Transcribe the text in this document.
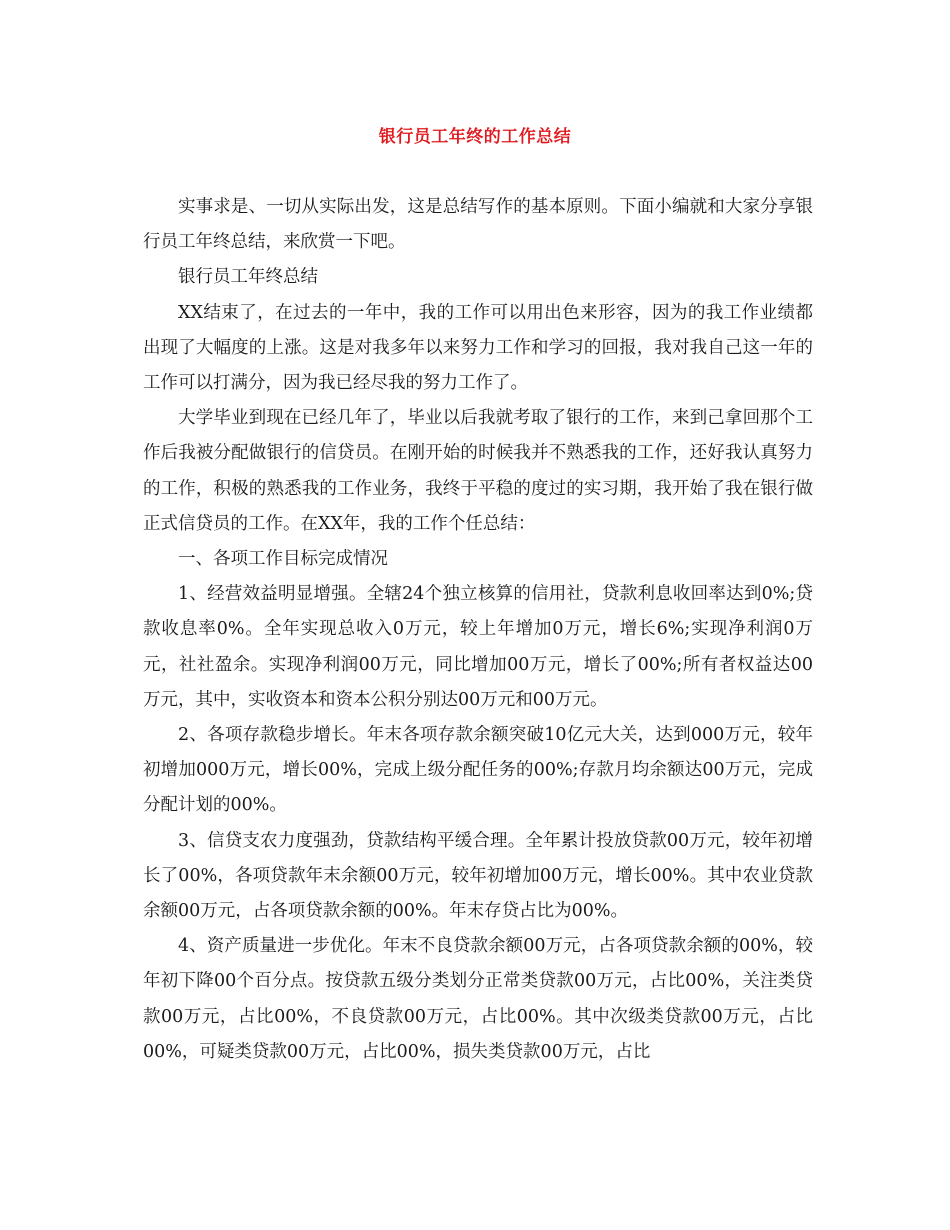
银行员工年终的工作总结

实事求是、一切从实际出发，这是总结写作的基本原则。下面小编就和大家分享银行员工年终总结，来欣赏一下吧。

银行员工年终总结

XX结束了，在过去的一年中，我的工作可以用出色来形容，因为的我工作业绩都出现了大幅度的上涨。这是对我多年以来努力工作和学习的回报，我对我自己这一年的工作可以打满分，因为我已经尽我的努力工作了。

大学毕业到现在已经几年了，毕业以后我就考取了银行的工作，来到己拿回那个工作后我被分配做银行的信贷员。在刚开始的时候我并不熟悉我的工作，还好我认真努力的工作，积极的熟悉我的工作业务，我终于平稳的度过的实习期，我开始了我在银行做正式信贷员的工作。在XX年，我的工作个任总结：

一、各项工作目标完成情况

1、经营效益明显增强。全辖24个独立核算的信用社，贷款利息收回率达到0%;贷款收息率0%。全年实现总收入0万元，较上年增加0万元，增长6%;实现净利润0万元，社社盈余。实现净利润00万元，同比增加00万元，增长了00%;所有者权益达00万元，其中，实收资本和资本公积分别达00万元和00万元。

2、各项存款稳步增长。年末各项存款余额突破10亿元大关，达到000万元，较年初增加000万元，增长00%，完成上级分配任务的00%;存款月均余额达00万元，完成分配计划的00%。

3、信贷支农力度强劲，贷款结构平缓合理。全年累计投放贷款00万元，较年初增长了00%，各项贷款年末余额00万元，较年初增加00万元，增长00%。其中农业贷款余额00万元，占各项贷款余额的00%。年末存贷占比为00%。

4、资产质量进一步优化。年末不良贷款余额00万元，占各项贷款余额的00%，较年初下降00个百分点。按贷款五级分类划分正常类贷款00万元，占比00%，关注类贷款00万元，占比00%，不良贷款00万元，占比00%。其中次级类贷款00万元，占比00%，可疑类贷款00万元，占比00%，损失类贷款00万元，占比
